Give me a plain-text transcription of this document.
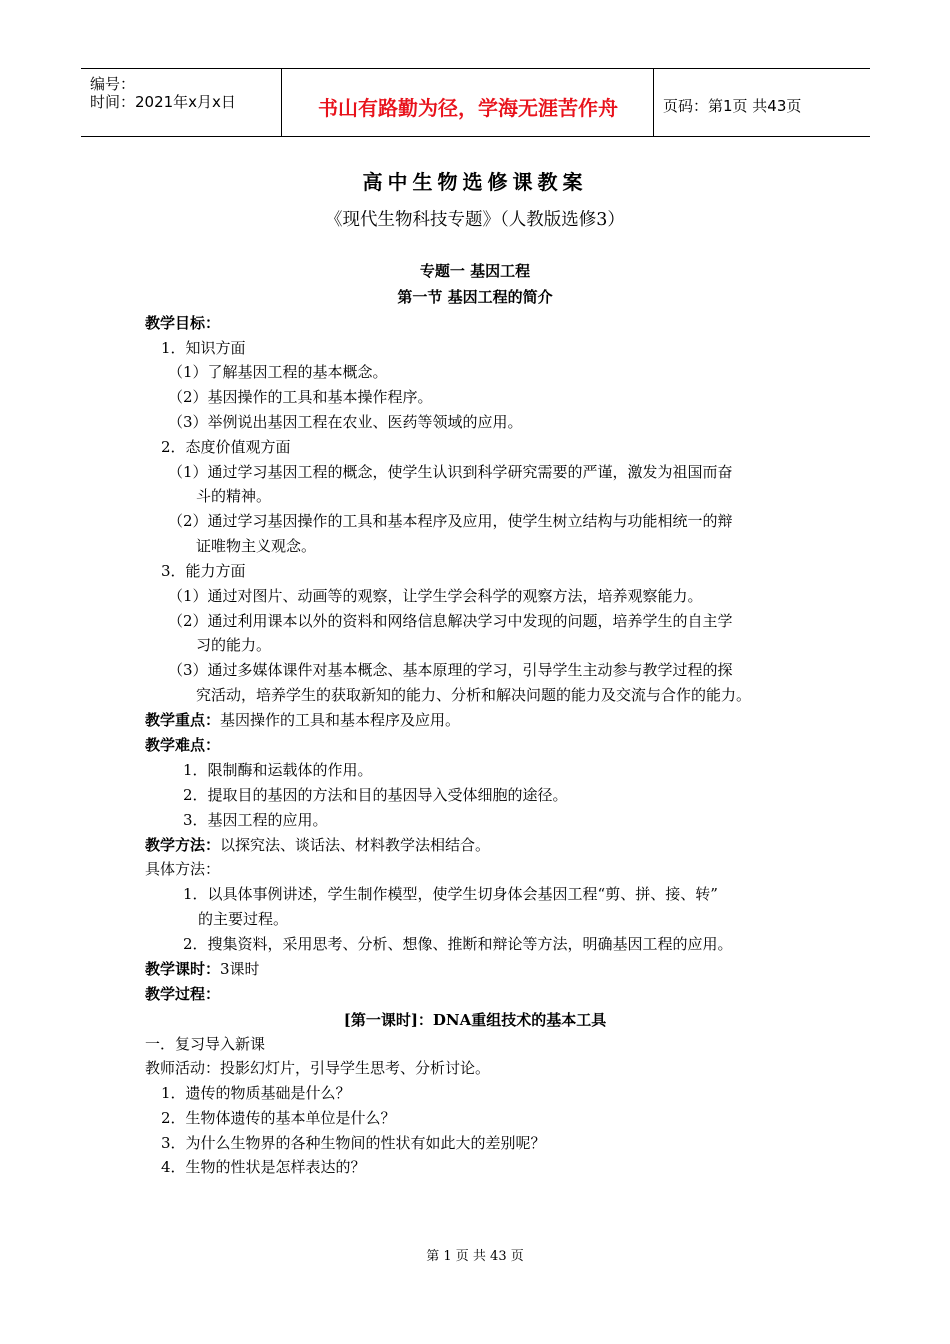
编号：
时间：2021年x月x日	书山有路勤为径，学海无涯苦作舟	页码：第1页 共43页
高中生物选修课教案
《现代生物科技专题》（人教版选修3）
专题一 基因工程
第一节 基因工程的简介
教学目标：
1．知识方面
（1）了解基因工程的基本概念。
（2）基因操作的工具和基本操作程序。
（3）举例说出基因工程在农业、医药等领域的应用。
2．态度价值观方面
（1）通过学习基因工程的概念，使学生认识到科学研究需要的严谨，激发为祖国而奋
斗的精神。
（2）通过学习基因操作的工具和基本程序及应用，使学生树立结构与功能相统一的辩
证唯物主义观念。
3．能力方面
（1）通过对图片、动画等的观察，让学生学会科学的观察方法，培养观察能力。
（2）通过利用课本以外的资料和网络信息解决学习中发现的问题，培养学生的自主学
习的能力。
（3）通过多媒体课件对基本概念、基本原理的学习，引导学生主动参与教学过程的探
究活动，培养学生的获取新知的能力、分析和解决问题的能力及交流与合作的能力。
教学重点：基因操作的工具和基本程序及应用。
教学难点：
1．限制酶和运载体的作用。
2．提取目的基因的方法和目的基因导入受体细胞的途径。
3．基因工程的应用。
教学方法：以探究法、谈话法、材料教学法相结合。
具体方法：
1．以具体事例讲述，学生制作模型，使学生切身体会基因工程“剪、拼、接、转”
的主要过程。
2．搜集资料，采用思考、分析、想像、推断和辩论等方法，明确基因工程的应用。
教学课时：3课时
教学过程：
[第一课时]：DNA重组技术的基本工具
一．复习导入新课
教师活动：投影幻灯片，引导学生思考、分析讨论。
1．遗传的物质基础是什么？
2．生物体遗传的基本单位是什么？
3．为什么生物界的各种生物间的性状有如此大的差别呢？
4．生物的性状是怎样表达的？
第 1 页 共 43 页
